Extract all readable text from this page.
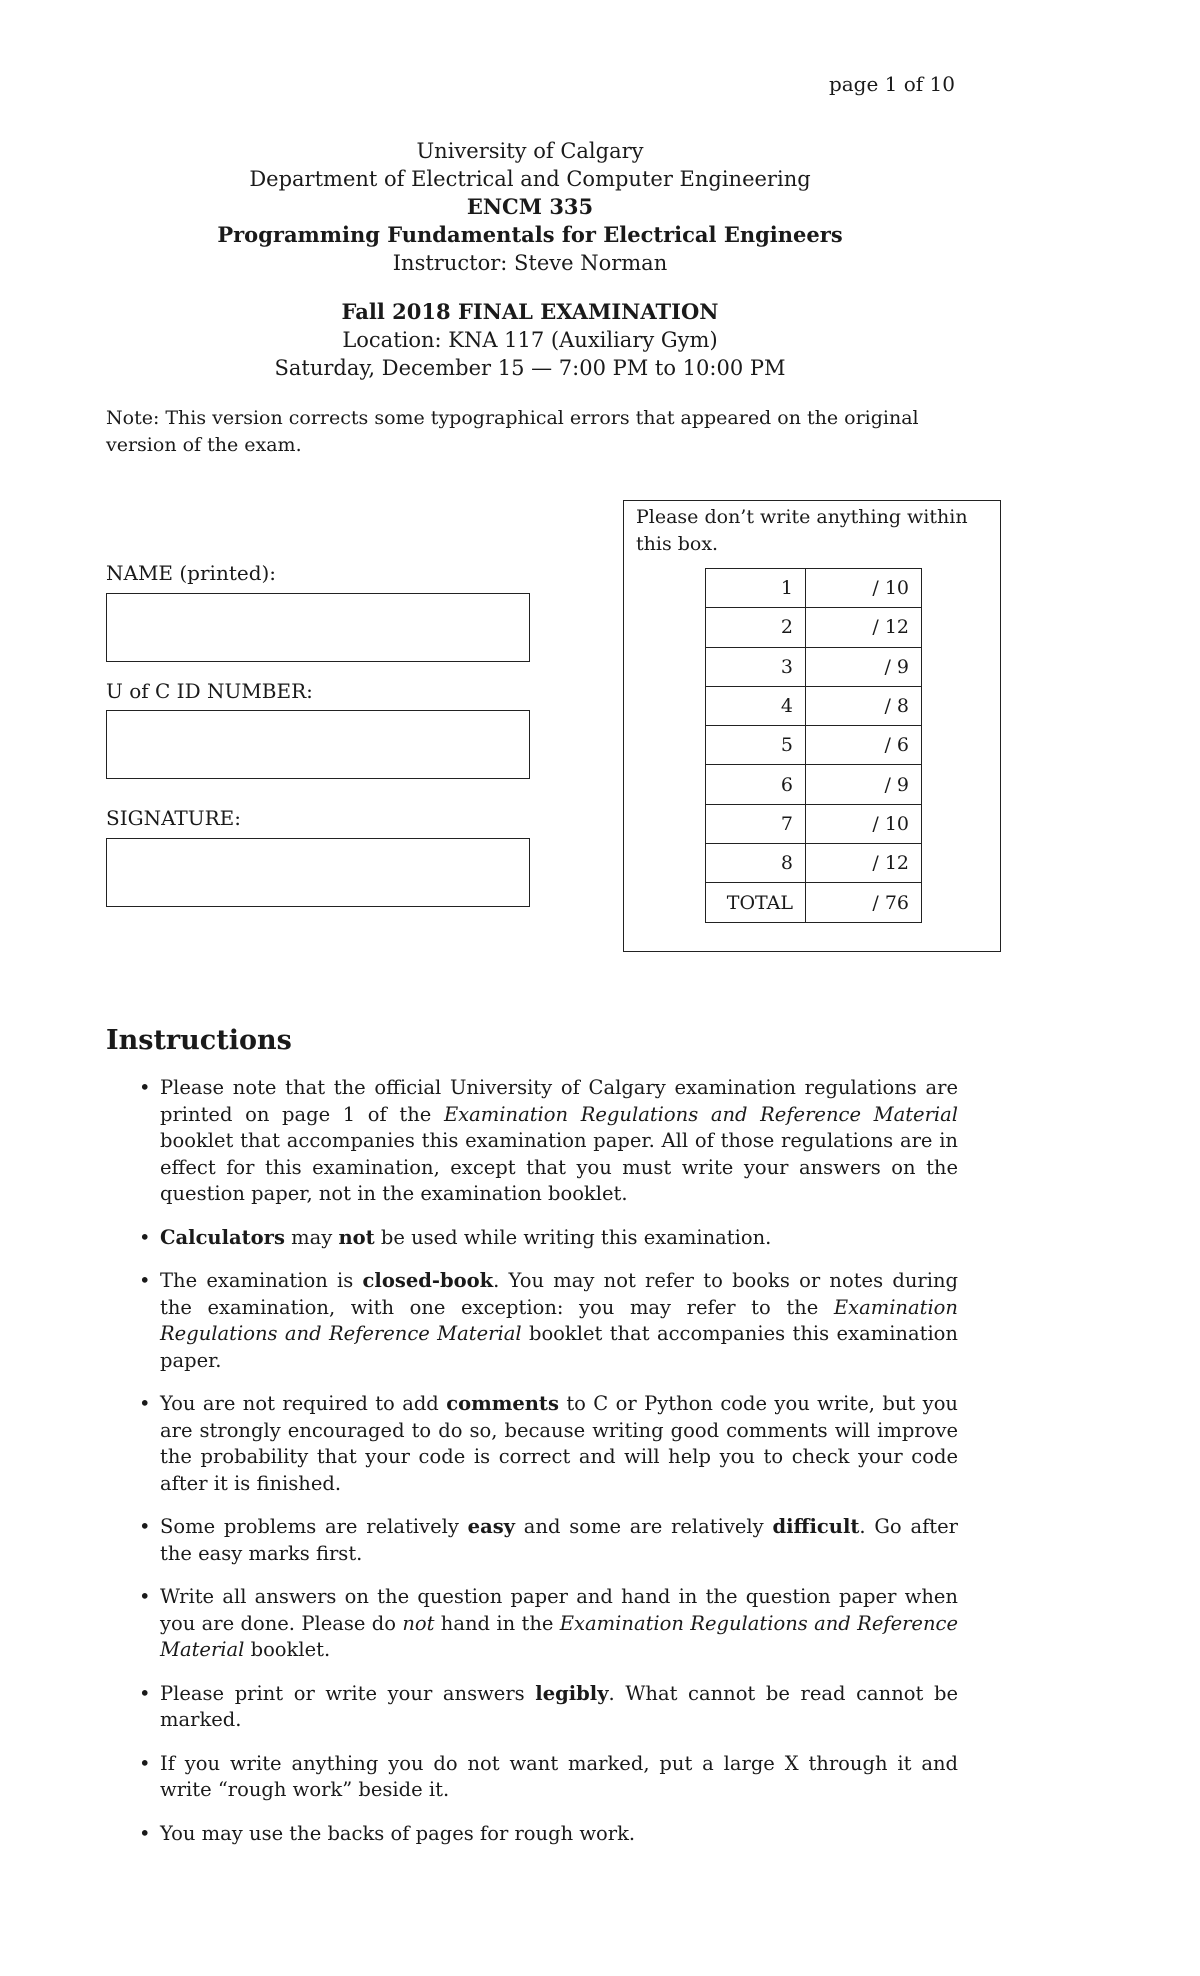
page 1 of 10
University of Calgary
Department of Electrical and Computer Engineering
ENCM 335
Programming Fundamentals for Electrical Engineers
Instructor: Steve Norman
Fall 2018 FINAL EXAMINATION
Location: KNA 117 (Auxiliary Gym)
Saturday, December 15 — 7:00 PM to 10:00 PM
Note: This version corrects some typographical errors that appeared on the original version of the exam.
NAME (printed):
U of C ID NUMBER:
SIGNATURE:
Please don’t write anything within this box.
1	/ 10
2	/ 12
3	/ 9
4	/ 8
5	/ 6
6	/ 9
7	/ 10
8	/ 12
TOTAL	/ 76
Instructions
• Please note that the official University of Calgary examination regulations are printed on page 1 of the Examination Regulations and Reference Material booklet that accompanies this examination paper. All of those regulations are in effect for this examination, except that you must write your answers on the question paper, not in the examination booklet.
• Calculators may not be used while writing this examination.
• The examination is closed-book. You may not refer to books or notes during the examination, with one exception: you may refer to the Examination Regulations and Reference Material booklet that accompanies this examination paper.
• You are not required to add comments to C or Python code you write, but you are strongly encouraged to do so, because writing good comments will improve the probability that your code is correct and will help you to check your code after it is finished.
• Some problems are relatively easy and some are relatively difficult. Go after the easy marks first.
• Write all answers on the question paper and hand in the question paper when you are done. Please do not hand in the Examination Regulations and Reference Material booklet.
• Please print or write your answers legibly. What cannot be read cannot be marked.
• If you write anything you do not want marked, put a large X through it and write “rough work” beside it.
• You may use the backs of pages for rough work.
